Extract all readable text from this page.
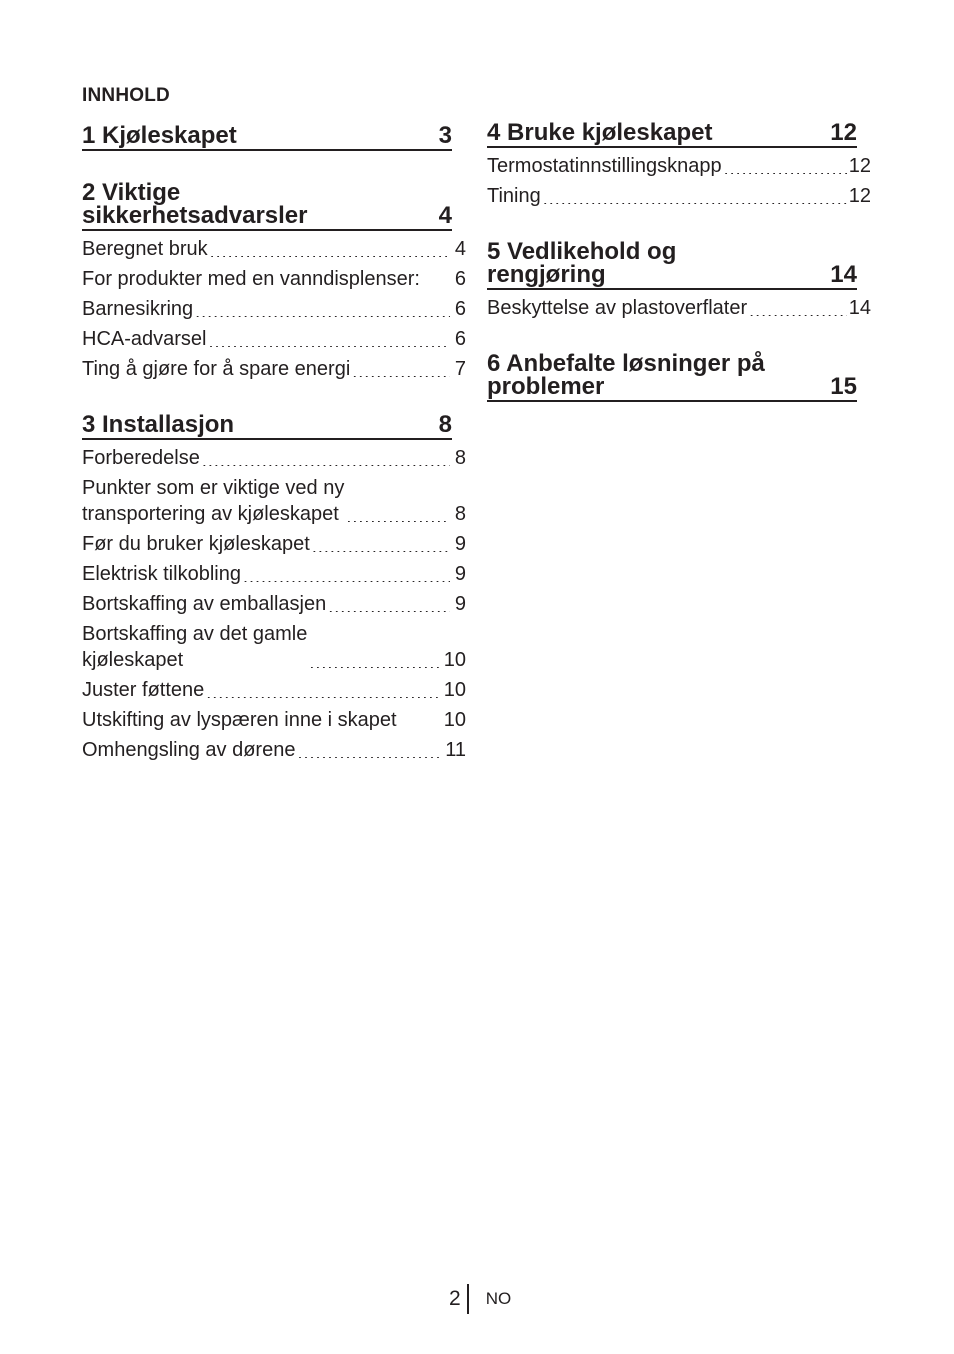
INNHOLD
1 Kjøleskapet	3
2 Viktige
sikkerhetsadvarsler	4
Beregnet bruk .....	4
For produkter med en vanndisplenser: 6
Barnesikring .....	6
HCA-advarsel .....	6
Ting å gjøre for å spare energi .....	7
3 Installasjon	8
Forberedelse .....	8
Punkter som er viktige ved ny
transportering av kjøleskapet .....	8
Før du bruker kjøleskapet .....	9
Elektrisk tilkobling .....	9
Bortskaffing av emballasjen .....	9
Bortskaffing av det gamle
kjøleskapet .....	10
Juster føttene .....	10
Utskifting av lyspæren inne i skapet 10
Omhengsling av dørene .....	11
4 Bruke kjøleskapet	12
Termostatinnstillingsknapp .....	12
Tining .....	12
5 Vedlikehold og
rengjøring	14
Beskyttelse av plastoverflater .....	14
6 Anbefalte løsninger på
problemer	15
2	NO
